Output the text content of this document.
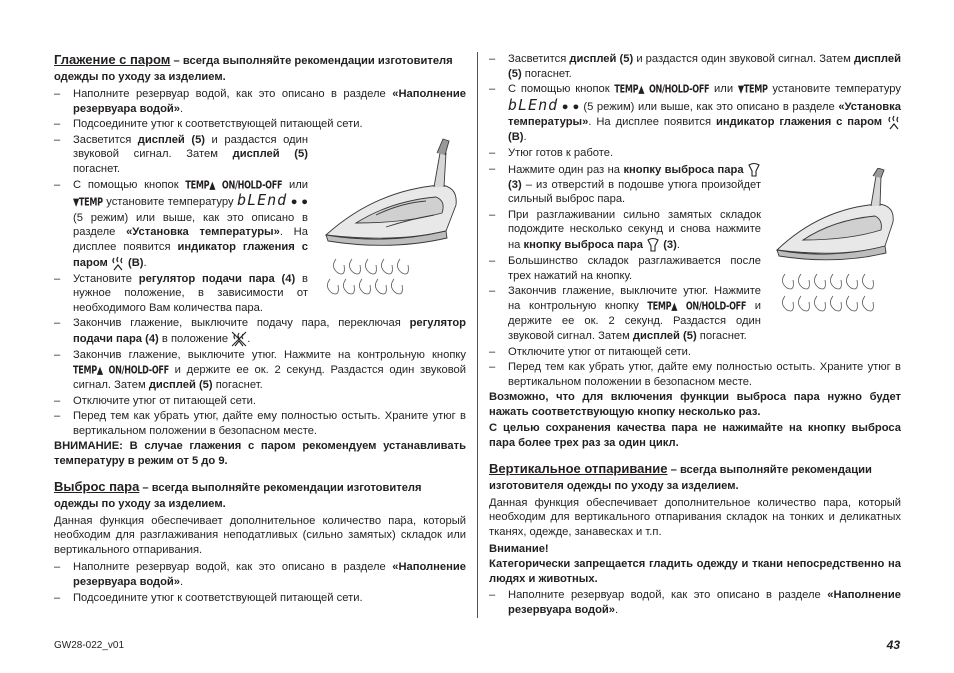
Глажение с паром – всегда выполняйте рекомендации изготовителя одежды по уходу за изделием.
– Наполните резервуар водой, как это описано в разделе «Наполнение резервуара водой».
– Подсоедините утюг к соответствующей питающей сети.
– Засветится дисплей (5) и раздастся один звуковой сигнал. Затем дисплей (5) погаснет.
– С помощью кнопок TEMP▲ ON/HOLD-OFF или ▼TEMP установите температуру bLEnd ● ● (5 режим) или выше, как это описано в разделе «Установка температуры». На дисплее появится индикатор глажения с паром  (B).
– Установите регулятор подачи пара (4) в нужное положение, в зависимости от необходимого Вам количества пара.
– Закончив глажение, выключите подачу пара, переключая регулятор подачи пара (4) в положение .
– Закончив глажение, выключите утюг. Нажмите на контрольную кнопку TEMP▲ ON/HOLD-OFF и держите ее ок. 2 секунд. Раздастся один звуковой сигнал. Затем дисплей (5) погаснет.
– Отключите утюг от питающей сети.
– Перед тем как убрать утюг, дайте ему полностью остыть. Храните утюг в вертикальном положении в безопасном месте.

ВНИМАНИЕ: В случае глажения с паром рекомендуем устанавливать температуру в режим от 5 до 9.

Выброс пара – всегда выполняйте рекомендации изготовителя одежды по уходу за изделием.

Данная функция обеспечивает дополнительное количество пара, который необходим для разглаживания неподатливых (сильно замятых) складок или вертикального отпаривания.

– Наполните резервуар водой, как это описано в разделе «Наполнение резервуара водой».
– Подсоедините утюг к соответствующей питающей сети.
– Засветится дисплей (5) и раздастся один звуковой сигнал. Затем дисплей (5) погаснет.
– С помощью кнопок TEMP▲ ON/HOLD-OFF или ▼TEMP установите температуру bLEnd ● ● (5 режим) или выше, как это описано в разделе «Установка температуры». На дисплее появится индикатор глажения с паром  (B).
– Утюг готов к работе.
– Нажмите один раз на кнопку выброса пара  (3) – из отверстий в подошве утюга произойдет сильный выброс пара.
– При разглаживании сильно замятых складок подождите несколько секунд и снова нажмите на кнопку выброса пара  (3).
– Большинство складок разглаживается после трех нажатий на кнопку.
– Закончив глажение, выключите утюг. Нажмите на контрольную кнопку TEMP▲ ON/HOLD-OFF и держите ее ок. 2 секунд. Раздастся один звуковой сигнал. Затем дисплей (5) погаснет.
– Отключите утюг от питающей сети.
– Перед тем как убрать утюг, дайте ему полностью остыть. Храните утюг в вертикальном положении в безопасном месте.

Возможно, что для включения функции выброса пара нужно будет нажать соответствующую кнопку несколько раз.

С целью сохранения качества пара не нажимайте на кнопку выброса пара более трех раз за один цикл.

Вертикальное отпаривание – всегда выполняйте рекомендации изготовителя одежды по уходу за изделием.

Данная функция обеспечивает дополнительное количество пара, который необходим для вертикального отпаривания складок на тонких и деликатных тканях, одежде, занавесках и т.п.

Внимание!

Категорически запрещается гладить одежду и ткани непосредственно на людях и животных.

– Наполните резервуар водой, как это описано в разделе «Наполнение резервуара водой».
GW28-022_v01	43
